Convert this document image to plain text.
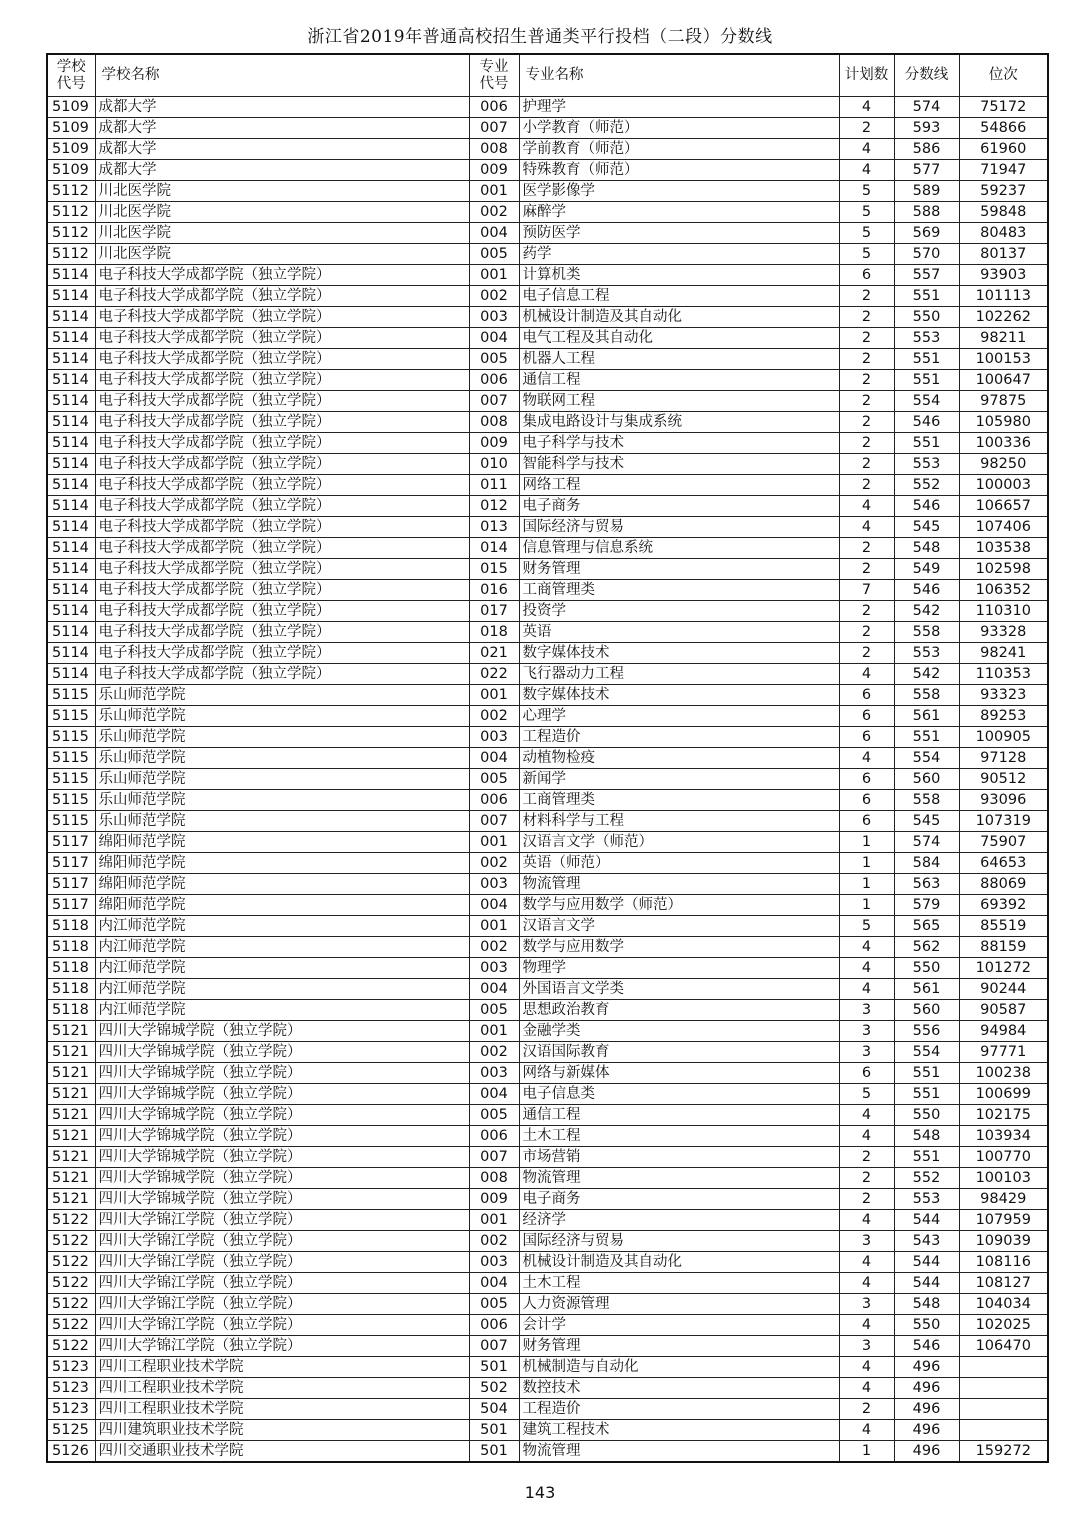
浙江省2019年普通高校招生普通类平行投档（二段）分数线
学校
代号	学校名称	专业
代号	专业名称	计划数	分数线	位次
5109	成都大学	006	护理学	4	574	75172
5109	成都大学	007	小学教育（师范）	2	593	54866
5109	成都大学	008	学前教育（师范）	4	586	61960
5109	成都大学	009	特殊教育（师范）	4	577	71947
5112	川北医学院	001	医学影像学	5	589	59237
5112	川北医学院	002	麻醉学	5	588	59848
5112	川北医学院	004	预防医学	5	569	80483
5112	川北医学院	005	药学	5	570	80137
5114	电子科技大学成都学院（独立学院）	001	计算机类	6	557	93903
5114	电子科技大学成都学院（独立学院）	002	电子信息工程	2	551	101113
5114	电子科技大学成都学院（独立学院）	003	机械设计制造及其自动化	2	550	102262
5114	电子科技大学成都学院（独立学院）	004	电气工程及其自动化	2	553	98211
5114	电子科技大学成都学院（独立学院）	005	机器人工程	2	551	100153
5114	电子科技大学成都学院（独立学院）	006	通信工程	2	551	100647
5114	电子科技大学成都学院（独立学院）	007	物联网工程	2	554	97875
5114	电子科技大学成都学院（独立学院）	008	集成电路设计与集成系统	2	546	105980
5114	电子科技大学成都学院（独立学院）	009	电子科学与技术	2	551	100336
5114	电子科技大学成都学院（独立学院）	010	智能科学与技术	2	553	98250
5114	电子科技大学成都学院（独立学院）	011	网络工程	2	552	100003
5114	电子科技大学成都学院（独立学院）	012	电子商务	4	546	106657
5114	电子科技大学成都学院（独立学院）	013	国际经济与贸易	4	545	107406
5114	电子科技大学成都学院（独立学院）	014	信息管理与信息系统	2	548	103538
5114	电子科技大学成都学院（独立学院）	015	财务管理	2	549	102598
5114	电子科技大学成都学院（独立学院）	016	工商管理类	7	546	106352
5114	电子科技大学成都学院（独立学院）	017	投资学	2	542	110310
5114	电子科技大学成都学院（独立学院）	018	英语	2	558	93328
5114	电子科技大学成都学院（独立学院）	021	数字媒体技术	2	553	98241
5114	电子科技大学成都学院（独立学院）	022	飞行器动力工程	4	542	110353
5115	乐山师范学院	001	数字媒体技术	6	558	93323
5115	乐山师范学院	002	心理学	6	561	89253
5115	乐山师范学院	003	工程造价	6	551	100905
5115	乐山师范学院	004	动植物检疫	4	554	97128
5115	乐山师范学院	005	新闻学	6	560	90512
5115	乐山师范学院	006	工商管理类	6	558	93096
5115	乐山师范学院	007	材料科学与工程	6	545	107319
5117	绵阳师范学院	001	汉语言文学（师范）	1	574	75907
5117	绵阳师范学院	002	英语（师范）	1	584	64653
5117	绵阳师范学院	003	物流管理	1	563	88069
5117	绵阳师范学院	004	数学与应用数学（师范）	1	579	69392
5118	内江师范学院	001	汉语言文学	5	565	85519
5118	内江师范学院	002	数学与应用数学	4	562	88159
5118	内江师范学院	003	物理学	4	550	101272
5118	内江师范学院	004	外国语言文学类	4	561	90244
5118	内江师范学院	005	思想政治教育	3	560	90587
5121	四川大学锦城学院（独立学院）	001	金融学类	3	556	94984
5121	四川大学锦城学院（独立学院）	002	汉语国际教育	3	554	97771
5121	四川大学锦城学院（独立学院）	003	网络与新媒体	6	551	100238
5121	四川大学锦城学院（独立学院）	004	电子信息类	5	551	100699
5121	四川大学锦城学院（独立学院）	005	通信工程	4	550	102175
5121	四川大学锦城学院（独立学院）	006	土木工程	4	548	103934
5121	四川大学锦城学院（独立学院）	007	市场营销	2	551	100770
5121	四川大学锦城学院（独立学院）	008	物流管理	2	552	100103
5121	四川大学锦城学院（独立学院）	009	电子商务	2	553	98429
5122	四川大学锦江学院（独立学院）	001	经济学	4	544	107959
5122	四川大学锦江学院（独立学院）	002	国际经济与贸易	3	543	109039
5122	四川大学锦江学院（独立学院）	003	机械设计制造及其自动化	4	544	108116
5122	四川大学锦江学院（独立学院）	004	土木工程	4	544	108127
5122	四川大学锦江学院（独立学院）	005	人力资源管理	3	548	104034
5122	四川大学锦江学院（独立学院）	006	会计学	4	550	102025
5122	四川大学锦江学院（独立学院）	007	财务管理	3	546	106470
5123	四川工程职业技术学院	501	机械制造与自动化	4	496	
5123	四川工程职业技术学院	502	数控技术	4	496	
5123	四川工程职业技术学院	504	工程造价	2	496	
5125	四川建筑职业技术学院	501	建筑工程技术	4	496	
5126	四川交通职业技术学院	501	物流管理	1	496	159272
143
